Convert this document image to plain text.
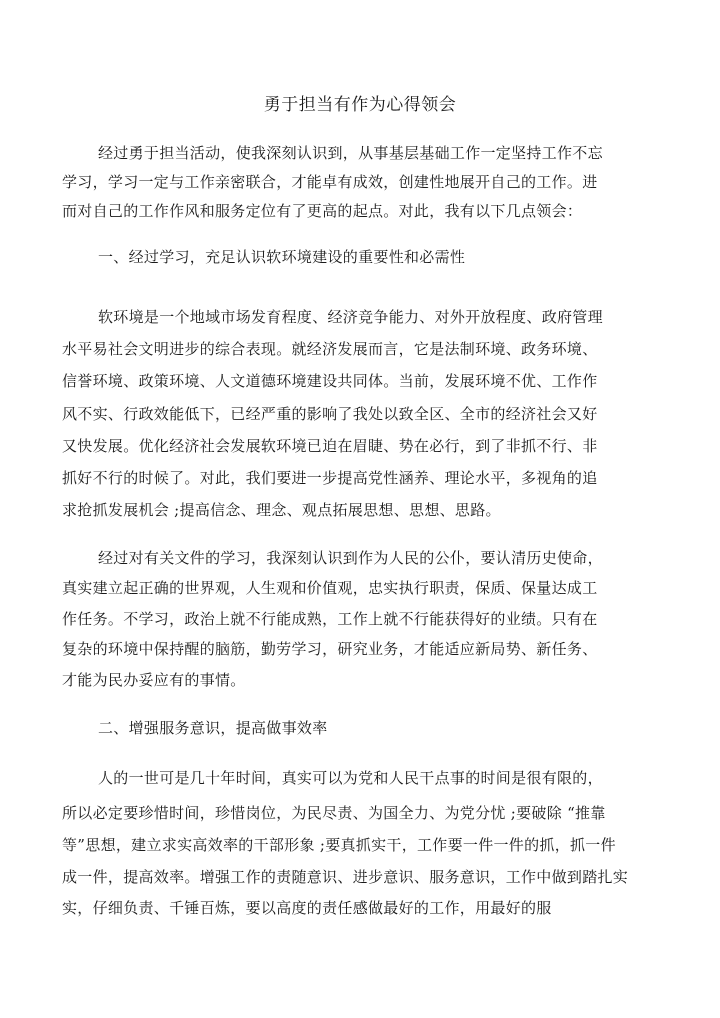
勇于担当有作为心得领会
经过勇于担当活动，使我深刻认识到，从事基层基础工作一定坚持工作不忘
学习，学习一定与工作亲密联合，才能卓有成效，创建性地展开自己的工作。进
而对自己的工作作风和服务定位有了更高的起点。对此，我有以下几点领会：
一、经过学习，充足认识软环境建设的重要性和必需性
软环境是一个地域市场发育程度、经济竞争能力、对外开放程度、政府管理
水平易社会文明进步的综合表现。就经济发展而言，它是法制环境、政务环境、
信誉环境、政策环境、人文道德环境建设共同体。当前，发展环境不优、工作作
风不实、行政效能低下，已经严重的影响了我处以致全区、全市的经济社会又好
又快发展。优化经济社会发展软环境已迫在眉睫、势在必行，到了非抓不行、非
抓好不行的时候了。对此，我们要进一步提高党性涵养、理论水平，多视角的追
求抢抓发展机会 ;提高信念、理念、观点拓展思想、思想、思路。
经过对有关文件的学习，我深刻认识到作为人民的公仆，要认清历史使命，
真实建立起正确的世界观，人生观和价值观，忠实执行职责，保质、保量达成工
作任务。不学习，政治上就不行能成熟，工作上就不行能获得好的业绩。只有在
复杂的环境中保持醒的脑筋，勤劳学习，研究业务，才能适应新局势、新任务、
才能为民办妥应有的事情。
二、增强服务意识，提高做事效率
人的一世可是几十年时间，真实可以为党和人民干点事的时间是很有限的，
所以必定要珍惜时间，珍惜岗位，为民尽责、为国全力、为党分忧 ;要破除 “推靠
等”思想，建立求实高效率的干部形象 ;要真抓实干，工作要一件一件的抓，抓一件
成一件，提高效率。增强工作的责随意识、进步意识、服务意识，工作中做到踏扎实
实，仔细负责、千锤百炼，要以高度的责任感做最好的工作，用最好的服
